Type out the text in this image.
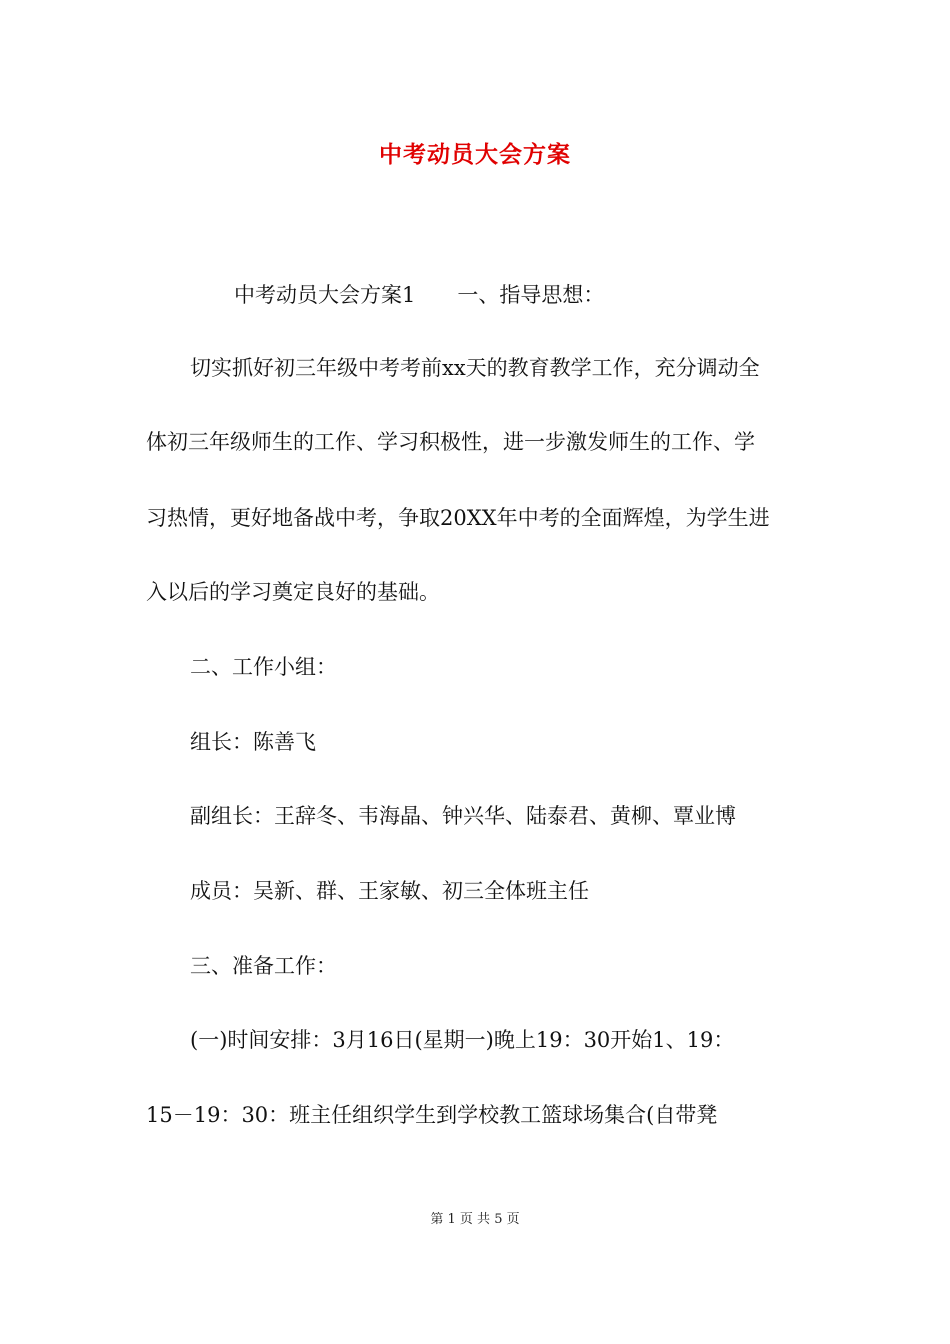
中考动员大会方案
中考动员大会方案1　　一、指导思想：
切实抓好初三年级中考考前xx天的教育教学工作，充分调动全
体初三年级师生的工作、学习积极性，进一步激发师生的工作、学
习热情，更好地备战中考，争取20XX年中考的全面辉煌，为学生进
入以后的学习奠定良好的基础。
二、工作小组：
组长：陈善飞
副组长：王辞冬、韦海晶、钟兴华、陆泰君、黄柳、覃业博
成员：吴新、群、王家敏、初三全体班主任
三、准备工作：
(一)时间安排：3月16日(星期一)晚上19：30开始1、19：
15－19：30：班主任组织学生到学校教工篮球场集合(自带凳
第 1 页 共 5 页
